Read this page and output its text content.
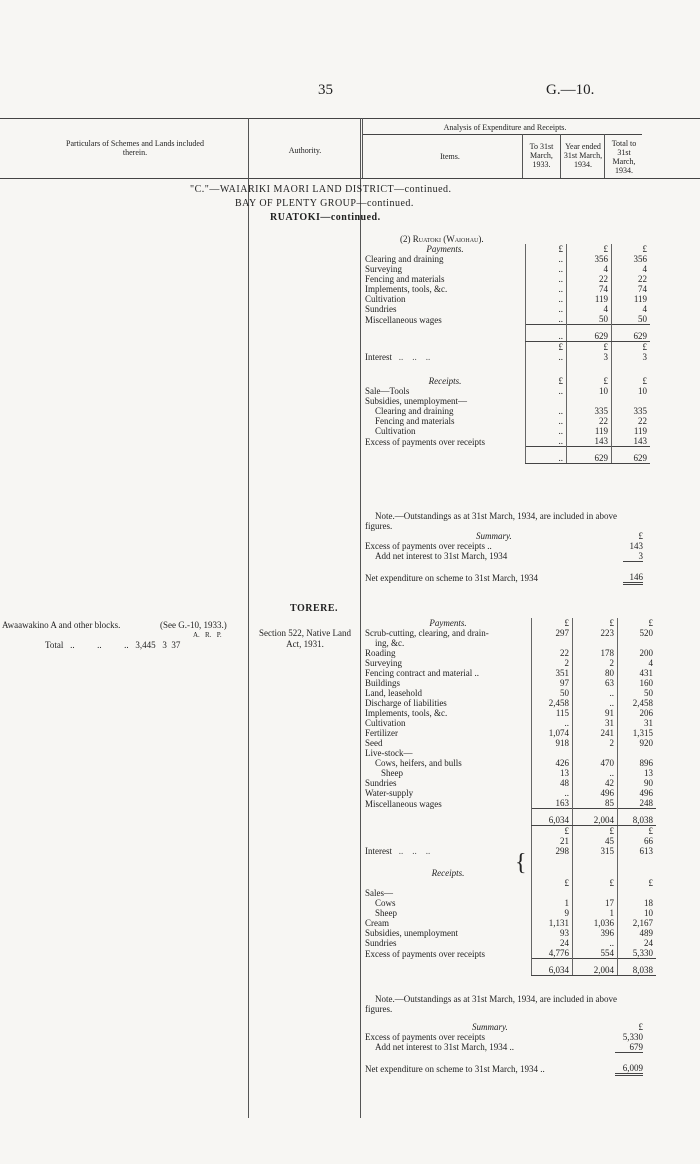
35	G.—10.
Particulars of Schemes and Lands included therein.	Authority.
Analysis of Expenditure and Receipts.
Items.
To 31st March, 1933.
Year ended 31st March, 1934.
Total to 31st March, 1934.
"C."—WAIARIKI MAORI LAND DISTRICT—continued.
BAY OF PLENTY GROUP—continued.
RUATOKI—continued.
(2) Ruatoki (Waiohau).
Payments.	£	£	£
Clearing and draining	..	356	356
Surveying	..	4	4
Fencing and materials	..	22	22
Implements, tools, &c.	..	74	74
Cultivation	..	119	119
Sundries	..	4	4
Miscellaneous wages	..	50	50
	..	629	629
	£	£	£
Interest   ..    ..    ..	..	3	3

Receipts.	£	£	£
Sale—Tools	..	10	10
Subsidies, unemployment—			
Clearing and draining	..	335	335
Fencing and materials	..	22	22
Cultivation	..	119	119
Excess of payments over receipts	..	143	143
	..	629	629
Note.—Outstandings as at 31st March, 1934, are included in above figures.
Summary.	£
Excess of payments over receipts ..	143
Add net interest to 31st March, 1934	3

Net expenditure on scheme to 31st March, 1934	146
TORERE.
Awaawakino A and other blocks.	(See G.-10, 1933.)
A.   R.   P.
Total   ..          ..          ..   3,445   3  37
Section 522, Native Land Act, 1931.
Payments.	£	£	£
Scrub-cutting, clearing, and drain-	297	223	520
ing, &c.			
Roading	22	178	200
Surveying	2	2	4
Fencing contract and material ..	351	80	431
Buildings	97	63	160
Land, leasehold	50	..	50
Discharge of liabilities	2,458	..	2,458
Implements, tools, &c.	115	91	206
Cultivation	..	31	31
Fertilizer	1,074	241	1,315
Seed	918	2	920
Live-stock—			
Cows, heifers, and bulls	426	470	896
Sheep	13	..	13
Sundries	48	42	90
Water-supply	..	496	496
Miscellaneous wages	163	85	248
	6,034	2,004	8,038
	£	£	£
	21	45	66
Interest   ..    ..    ..	298	315	613

Receipts.			
	£	£	£
Sales—			
Cows	1	17	18
Sheep	9	1	10
Cream	1,131	1,036	2,167
Subsidies, unemployment	93	396	489
Sundries	24	..	24
Excess of payments over receipts	4,776	554	5,330
	6,034	2,004	8,038
{
Note.—Outstandings as at 31st March, 1934, are included in above figures.
Summary.	£
Excess of payments over receipts	5,330
Add net interest to 31st March, 1934 ..	679

Net expenditure on scheme to 31st March, 1934 ..	6,009
